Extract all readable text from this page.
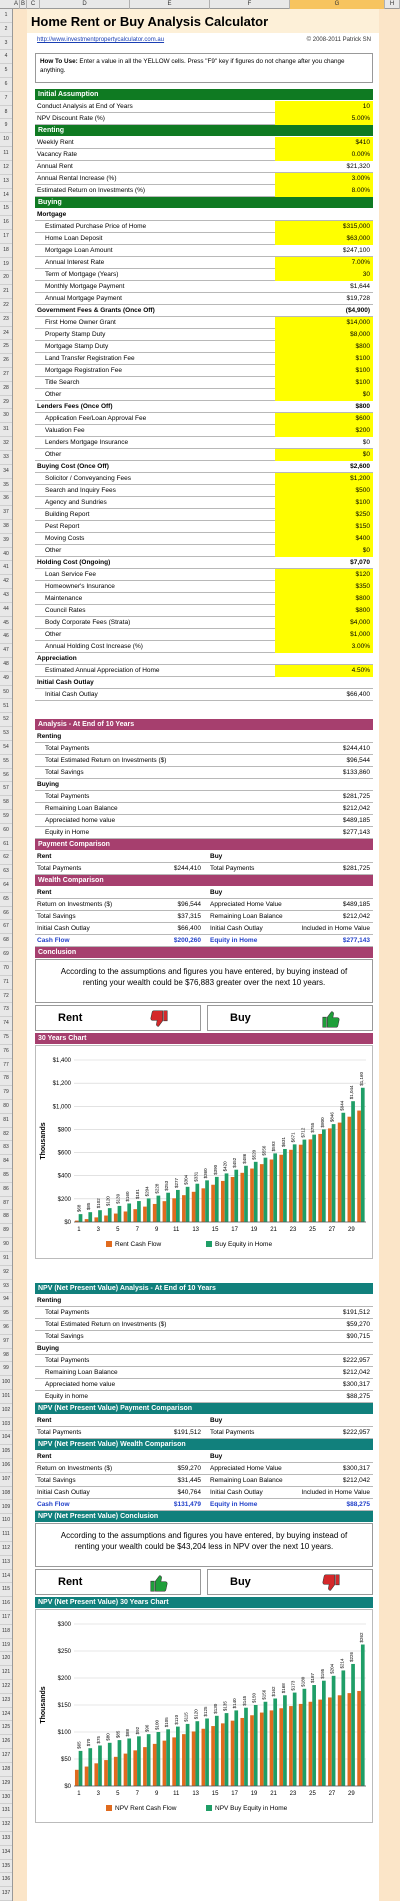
A B C	D	E	F	G	H
1
2
3
4
5
6
7
8
9
10
11
12
13
14
15
16
17
18
19
20
21
22
23
24
25
26
27
28
29
30
31
32
33
34
35
36
37
38
39
40
41
42
43
44
45
46
47
48
49
50
51
52
53
54
55
56
57
58
59
60
61
62
63
64
65
66
67
68
69
70
71
72
73
74
75
76
77
78
79
80
81
82
83
84
85
86
87
88
89
90
91
92
93
94
95
96
97
98
99
100
101
102
103
104
105
106
107
108
109
110
111
112
113
114
115
116
117
118
119
120
121
122
123
124
125
126
127
128
129
130
131
132
133
134
135
136
137
Home Rent or Buy Analysis Calculator
http://www.investmentpropertycalculator.com.au	© 2008-2011 Patrick SN
How To Use: Enter a value in all the YELLOW cells. Press "F9" key if figures do not change after you change anything.
Initial Assumption
Conduct Analysis at End of Years	10
NPV Discount Rate (%)	5.00%
Renting
Weekly Rent	$410
Vacancy Rate	0.00%
Annual Rent	$21,320
Annual Rental Increase (%)	3.00%
Estimated Return on Investments (%)	8.00%
Buying
Mortgage
Estimated Purchase Price of Home	$315,000
Home Loan Deposit	$63,000
Mortgage Loan Amount	$247,100
Annual Interest Rate	7.00%
Term of Mortgage (Years)	30
Monthly Mortgage Payment	$1,644
Annual Mortgage Payment	$19,728
Government Fees & Grants (Once Off)	($4,900)
First Home Owner Grant	$14,000
Property Stamp Duty	$8,000
Mortgage Stamp Duty	$800
Land Transfer Registration Fee	$100
Mortgage Registration Fee	$100
Title Search	$100
Other	$0
Lenders Fees (Once Off)	$800
Application Fee/Loan Approval Fee	$600
Valuation Fee	$200
Lenders Mortgage Insurance	$0
Other	$0
Buying Cost (Once Off)	$2,600
Solicitor / Conveyancing Fees	$1,200
Search and Inquiry Fees	$500
Agency and Sundries	$100
Building Report	$250
Pest Report	$150
Moving Costs	$400
Other	$0
Holding Cost (Ongoing)	$7,070
Loan Service Fee	$120
Homeowner's Insurance	$350
Maintenance	$800
Council Rates	$800
Body Corporate Fees (Strata)	$4,000
Other	$1,000
Annual Holding Cost Increase (%)	3.00%
Appreciation
Estimated Annual Appreciation of Home	4.50%
Initial Cash Outlay
Initial Cash Outlay	$66,400
Analysis - At End of 10 Years
Renting
Total Payments	$244,410
Total Estimated Return on Investments ($)	$96,544
Total Savings	$133,860
Buying
Total Payments	$281,725
Remaining Loan Balance	$212,042
Appreciated home value	$489,185
Equity in Home	$277,143
Payment Comparison
Rent	Buy
Total Payments	$244,410 Total Payments	$281,725
Wealth Comparison
Rent	Buy
Return on Investments ($)	$96,544 Appreciated Home Value	$489,185
Total Savings	$37,315 Remaining Loan Balance	$212,042
Initial Cash Outlay	$66,400 Initial Cash Outlay	Included in Home Value
Cash Flow	$200,260 Equity in Home	$277,143
Conclusion
According to the assumptions and figures you have entered, by buying instead of renting your wealth could be $76,883 greater over the next 10 years.
Rent	Buy
30 Years Chart
$0
$200
$400
$600
$800
$1,000
$1,200
$1,400
Thousands
$68 $85 $102 $120 $139 $160 $181 $204 $228 $253 $277 $304 $331 $360 $390 $420 $452 $486 $520 $556 $593 $631 $671 $712 $755
$800
$846
$944
$1,044
$1,160
1	3	5	7	9 11 13 15 17 19 21 23 25 27 29
Rent Cash Flow	Buy Equity in Home
NPV (Net Present Value) Analysis - At End of 10 Years
Renting
Total Payments	$191,512
Total Estimated Return on Investments ($)	$59,270
Total Savings	$90,715
Buying
Total Payments	$222,957
Remaining Loan Balance	$212,042
Appreciated home value	$300,317
Equity in home	$88,275
NPV (Net Present Value) Payment Comparison
Rent	Buy
Total Payments	$191,512 Total Payments	$222,957
NPV (Net Present Value) Wealth Comparison
Rent	Buy
Return on Investments ($)	$59,270 Appreciated Home Value	$300,317
Total Savings	$31,445 Remaining Loan Balance	$212,042
Initial Cash Outlay	$40,764 Initial Cash Outlay	Included in Home Value
Cash Flow	$131,479 Equity in Home	$88,275
NPV (Net Present Value) Conclusion
According to the assumptions and figures you have entered, by buying instead of renting your wealth could be $43,204 less in NPV over the next 10 years.
Rent	Buy
NPV (Net Present Value) 30 Years Chart
$0
$50
$100
$150
$200
$250
$300
Thousands
$65 $70 $75 $80 $85 $88 $92 $96 $100 $105 $110 $115 $120 $125 $130 $135 $140 $145 $150 $156 $162 $168 $173 $180 $187 $195 $204
$214
$226
$262
1	3	5	7	9 11 13 15 17 19 21 23 25 27 29
NPV Rent Cash Flow	NPV Buy Equity in Home
